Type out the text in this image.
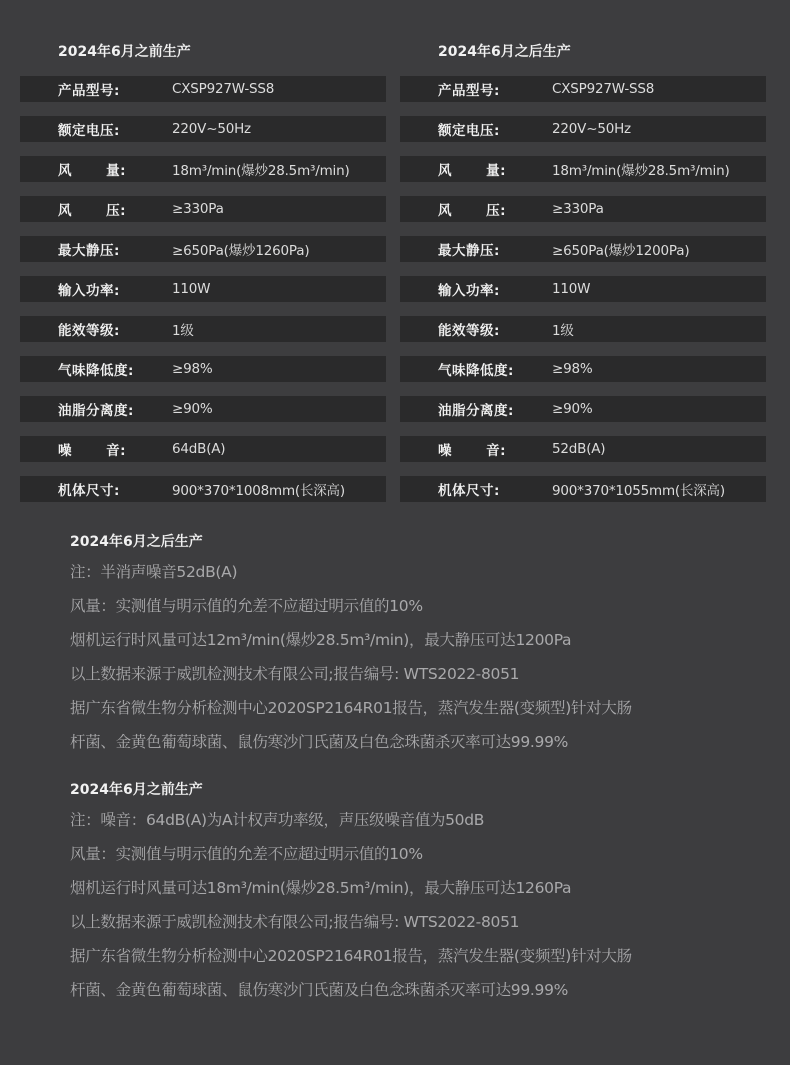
2024年6月之前生产
产品型号:	CXSP927W-SS8
额定电压:	220V~50Hz
风	量:	18m³/min(爆炒28.5m³/min)
风	压:	≥330Pa
最大静压:	≥650Pa(爆炒1260Pa)
输入功率:	110W
能效等级:	1级
气味降低度:	≥98%
油脂分离度:	≥90%
噪	音:	64dB(A)
机体尺寸:	900*370*1008mm(长深高)
2024年6月之后生产
产品型号:	CXSP927W-SS8
额定电压:	220V~50Hz
风	量:	18m³/min(爆炒28.5m³/min)
风	压:	≥330Pa
最大静压:	≥650Pa(爆炒1200Pa)
输入功率:	110W
能效等级:	1级
气味降低度:	≥98%
油脂分离度:	≥90%
噪	音:	52dB(A)
机体尺寸:	900*370*1055mm(长深高)
2024年6月之后生产
注：半消声噪音52dB(A)
风量：实测值与明示值的允差不应超过明示值的10%
烟机运行时风量可达12m³/min(爆炒28.5m³/min)，最大静压可达1200Pa
以上数据来源于威凯检测技术有限公司;报告编号: WTS2022-8051
据广东省微生物分析检测中心2020SP2164R01报告，蒸汽发生器(变频型)针对大肠
杆菌、金黄色葡萄球菌、鼠伤寒沙门氏菌及白色念珠菌杀灭率可达99.99%
2024年6月之前生产
注：噪音：64dB(A)为A计权声功率级，声压级噪音值为50dB
风量：实测值与明示值的允差不应超过明示值的10%
烟机运行时风量可达18m³/min(爆炒28.5m³/min)，最大静压可达1260Pa
以上数据来源于威凯检测技术有限公司;报告编号: WTS2022-8051
据广东省微生物分析检测中心2020SP2164R01报告，蒸汽发生器(变频型)针对大肠
杆菌、金黄色葡萄球菌、鼠伤寒沙门氏菌及白色念珠菌杀灭率可达99.99%
